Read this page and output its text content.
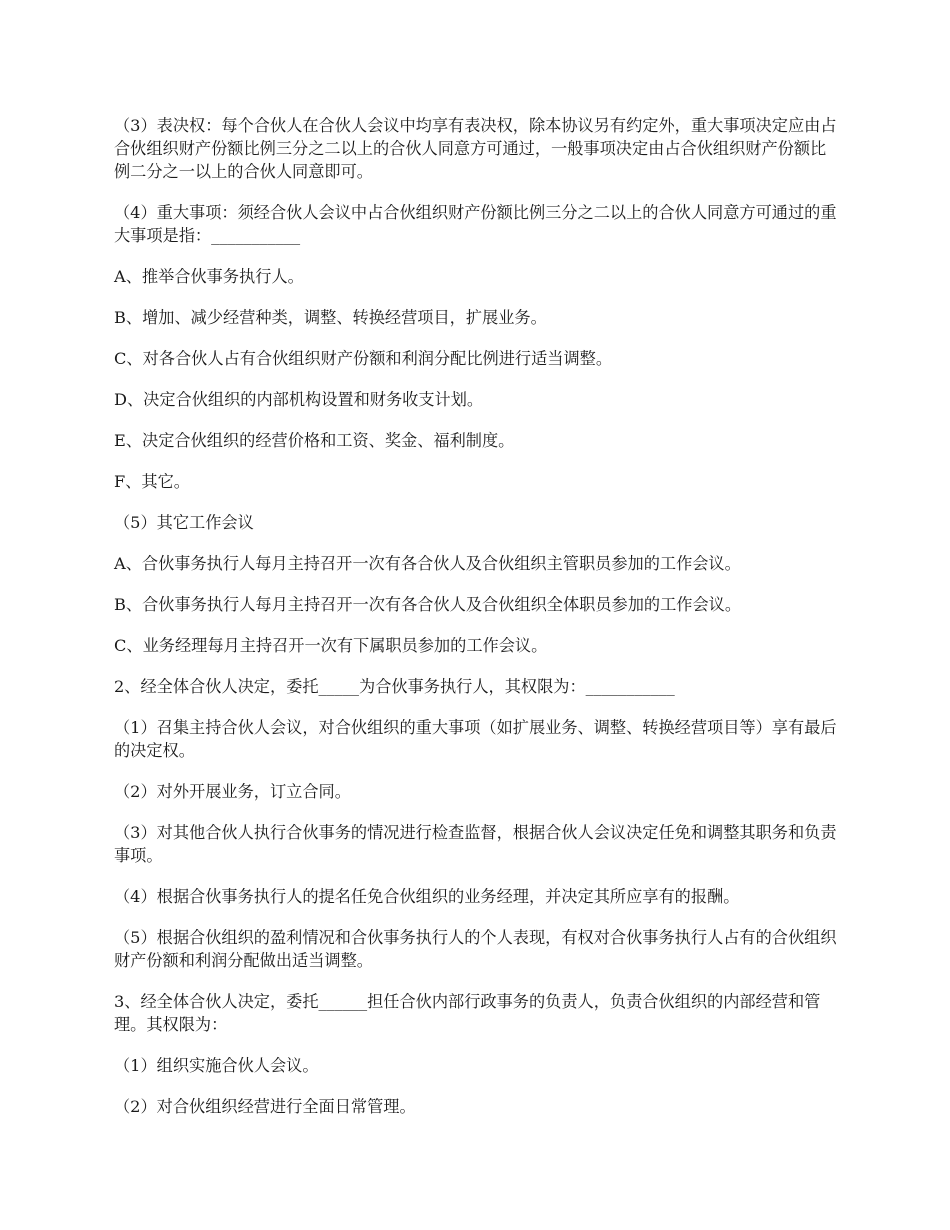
（3）表决权：每个合伙人在合伙人会议中均享有表决权，除本协议另有约定外，重大事项决定应由占合伙组织财产份额比例三分之二以上的合伙人同意方可通过，一般事项决定由占合伙组织财产份额比例二分之一以上的合伙人同意即可。

（4）重大事项：须经合伙人会议中占合伙组织财产份额比例三分之二以上的合伙人同意方可通过的重大事项是指：___________

A、推举合伙事务执行人。

B、增加、减少经营种类，调整、转换经营项目，扩展业务。

C、对各合伙人占有合伙组织财产份额和利润分配比例进行适当调整。

D、决定合伙组织的内部机构设置和财务收支计划。

E、决定合伙组织的经营价格和工资、奖金、福利制度。

F、其它。

（5）其它工作会议

A、合伙事务执行人每月主持召开一次有各合伙人及合伙组织主管职员参加的工作会议。

B、合伙事务执行人每月主持召开一次有各合伙人及合伙组织全体职员参加的工作会议。

C、业务经理每月主持召开一次有下属职员参加的工作会议。

2、经全体合伙人决定，委托_____为合伙事务执行人，其权限为：___________

（1）召集主持合伙人会议，对合伙组织的重大事项（如扩展业务、调整、转换经营项目等）享有最后的决定权。

（2）对外开展业务，订立合同。

（3）对其他合伙人执行合伙事务的情况进行检查监督，根据合伙人会议决定任免和调整其职务和负责事项。

（4）根据合伙事务执行人的提名任免合伙组织的业务经理，并决定其所应享有的报酬。

（5）根据合伙组织的盈利情况和合伙事务执行人的个人表现，有权对合伙事务执行人占有的合伙组织财产份额和利润分配做出适当调整。

3、经全体合伙人决定，委托______担任合伙内部行政事务的负责人，负责合伙组织的内部经营和管理。其权限为：

（1）组织实施合伙人会议。

（2）对合伙组织经营进行全面日常管理。
